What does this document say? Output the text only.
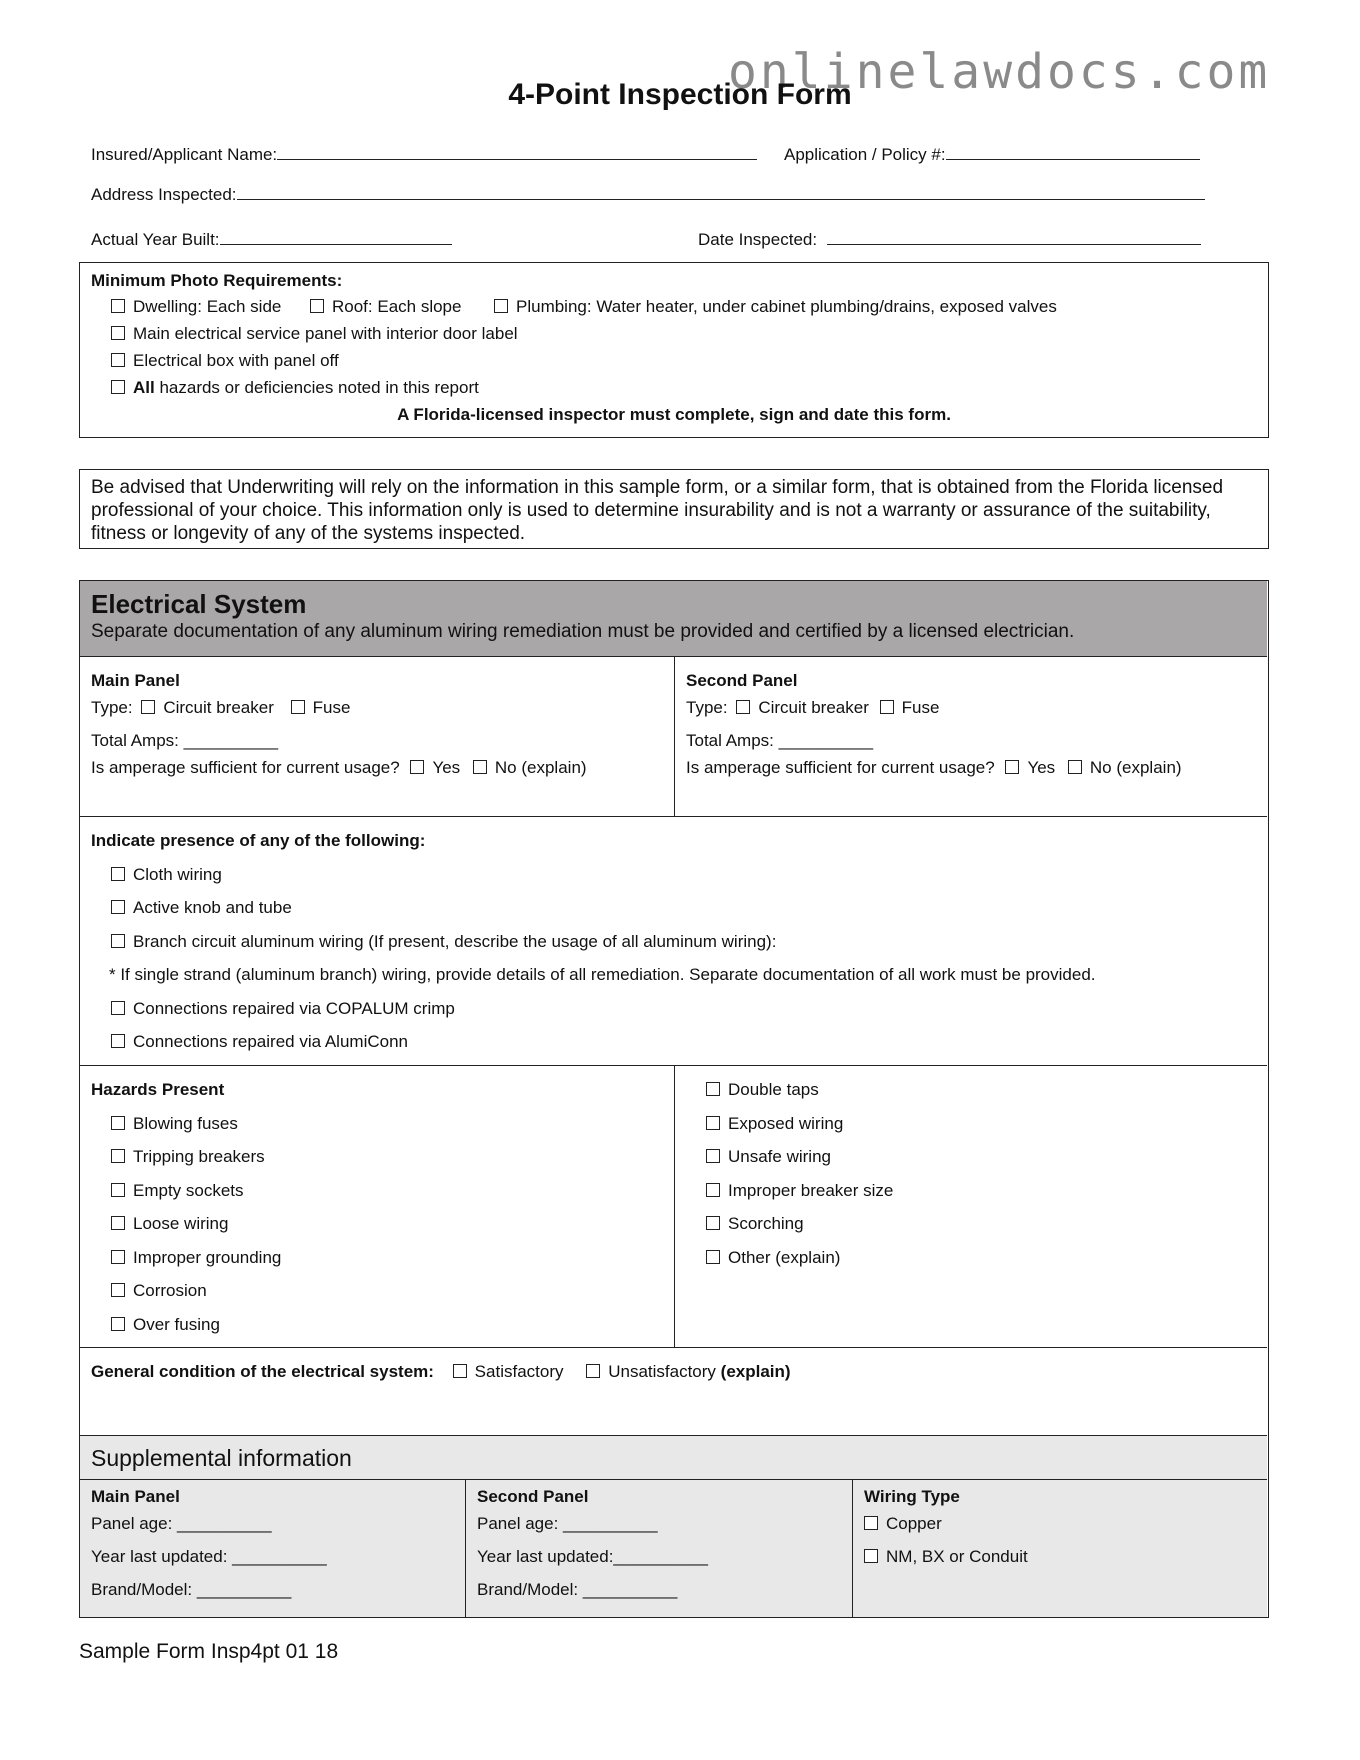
onlinelawdocs.com
4-Point Inspection Form
Insured/Applicant Name:	Application / Policy #:
Address Inspected:
Actual Year Built:	Date Inspected:
Minimum Photo Requirements:
Dwelling: Each side	Roof: Each slope	Plumbing: Water heater, under cabinet plumbing/drains, exposed valves
Main electrical service panel with interior door label
Electrical box with panel off
All hazards or deficiencies noted in this report
A Florida-licensed inspector must complete, sign and date this form.
Be advised that Underwriting will rely on the information in this sample form, or a similar form, that is obtained from the Florida licensed professional of your choice. This information only is used to determine insurability and is not a warranty or assurance of the suitability, fitness or longevity of any of the systems inspected.
Electrical System
Separate documentation of any aluminum wiring remediation must be provided and certified by a licensed electrician.
Main Panel
Type: Circuit breaker Fuse
Total Amps: __________
Is amperage sufficient for current usage? Yes No (explain)
Second Panel
Type: Circuit breaker Fuse
Total Amps: __________
Is amperage sufficient for current usage? Yes No (explain)
Indicate presence of any of the following:
Cloth wiring
Active knob and tube
Branch circuit aluminum wiring (If present, describe the usage of all aluminum wiring):
* If single strand (aluminum branch) wiring, provide details of all remediation. Separate documentation of all work must be provided.
Connections repaired via COPALUM crimp
Connections repaired via AlumiConn
Hazards Present
Blowing fuses
Tripping breakers
Empty sockets
Loose wiring
Improper grounding
Corrosion
Over fusing
Double taps
Exposed wiring
Unsafe wiring
Improper breaker size
Scorching
Other (explain)
General condition of the electrical system: Satisfactory	Unsatisfactory (explain)
Supplemental information
Main Panel
Panel age: __________
Year last updated: __________
Brand/Model: __________
Second Panel
Panel age: __________
Year last updated:__________
Brand/Model: __________
Wiring Type
Copper
NM, BX or Conduit
Sample Form Insp4pt 01 18
